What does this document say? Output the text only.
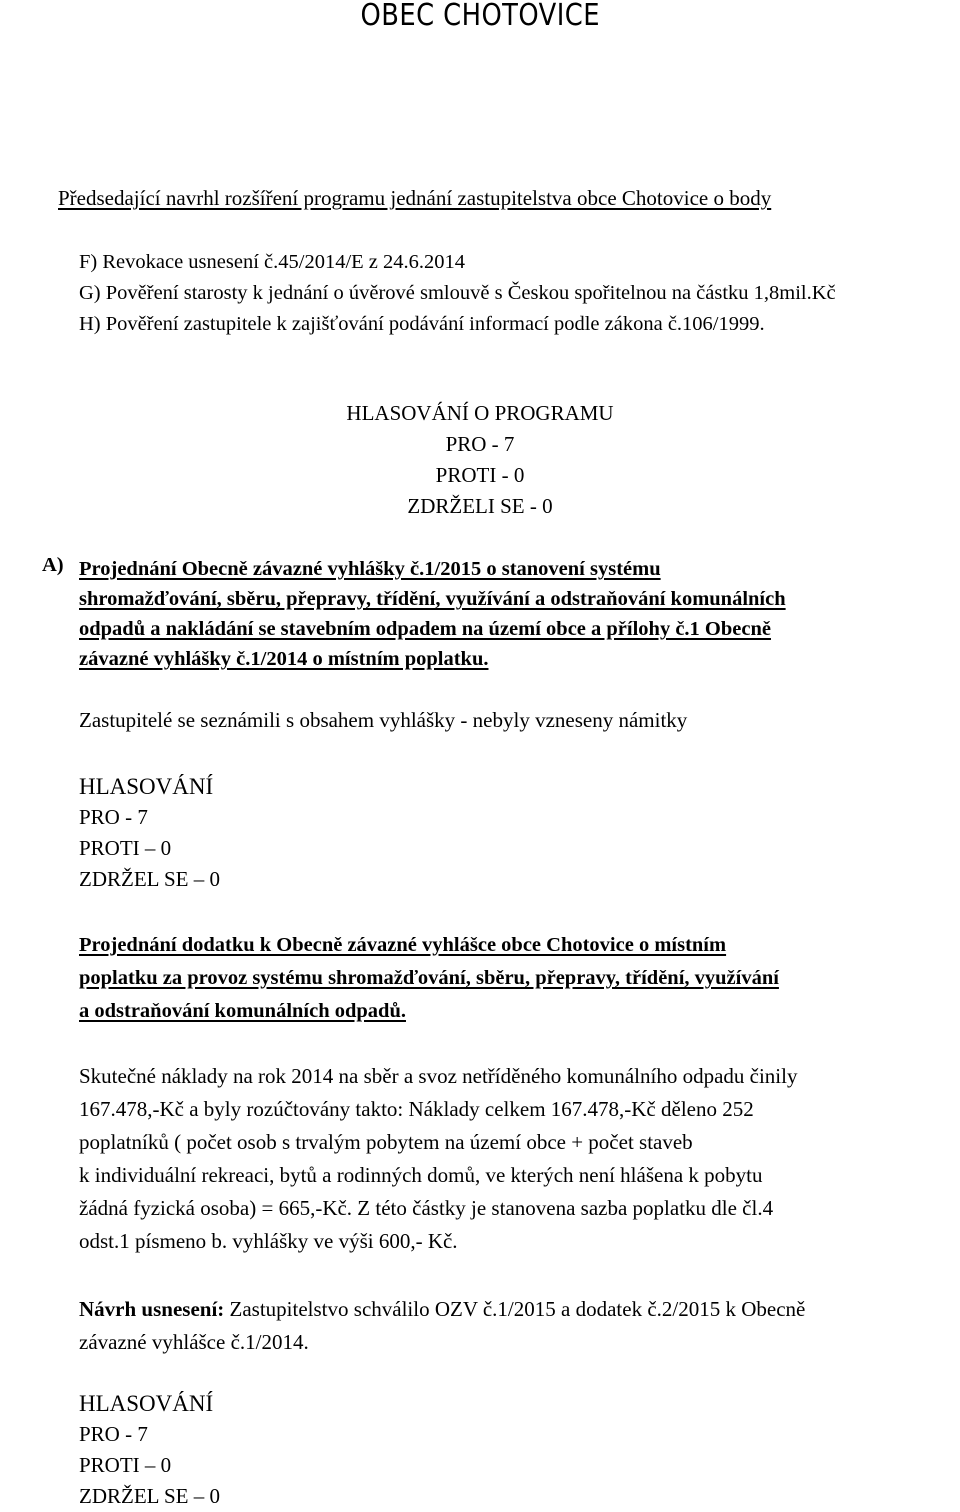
OBEC CHOTOVICE
Předsedající navrhl rozšíření programu jednání zastupitelstva obce Chotovice o body
F) Revokace usnesení č.45/2014/E z 24.6.2014
G) Pověření starosty k jednání o úvěrové smlouvě s Českou spořitelnou na částku 1,8mil.Kč
H) Pověření zastupitele k zajišťování podávání informací podle zákona č.106/1999.
HLASOVÁNÍ O PROGRAMU
PRO - 7
PROTI - 0
ZDRŽELI SE - 0
A) Projednání Obecně závazné vyhlášky č.1/2015 o stanovení systému
shromažďování, sběru, přepravy, třídění, využívání a odstraňování komunálních
odpadů a nakládání se stavebním odpadem na území obce a přílohy č.1 Obecně
závazné vyhlášky č.1/2014 o místním poplatku.
Zastupitelé se seznámili s obsahem vyhlášky - nebyly vzneseny námitky
HLASOVÁNÍ
PRO - 7
PROTI – 0
ZDRŽEL SE – 0
Projednání dodatku k Obecně závazné vyhlášce obce Chotovice o místním
poplatku za provoz systému shromažďování, sběru, přepravy, třídění, využívání
a odstraňování komunálních odpadů.
Skutečné náklady na rok 2014 na sběr a svoz netříděného komunálního odpadu činily
167.478,-Kč a byly rozúčtovány takto: Náklady celkem 167.478,-Kč děleno 252
poplatníků ( počet osob s trvalým pobytem na území obce + počet staveb
k individuální rekreaci, bytů a rodinných domů, ve kterých není hlášena k pobytu
žádná fyzická osoba) = 665,-Kč. Z této částky je stanovena sazba poplatku dle čl.4
odst.1 písmeno b. vyhlášky ve výši 600,- Kč.
Návrh usnesení: Zastupitelstvo schválilo OZV č.1/2015 a dodatek č.2/2015 k Obecně
závazné vyhlášce č.1/2014.
HLASOVÁNÍ
PRO - 7
PROTI – 0
ZDRŽEL SE – 0
